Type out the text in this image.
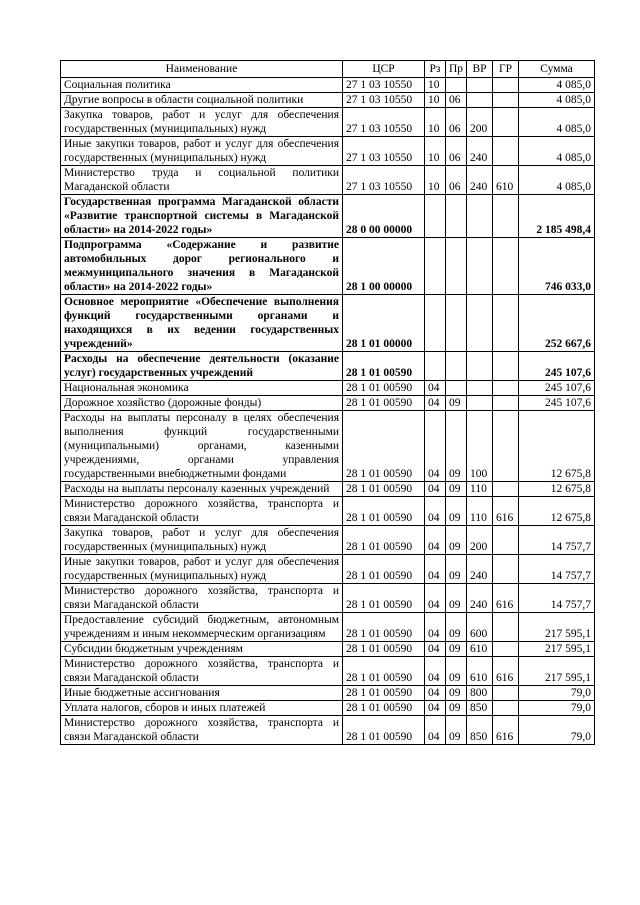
Наименование	ЦСР	Рз	Пр	ВР	ГР	Сумма
Социальная политика	27 1 03 10550	10				4 085,0
Другие вопросы в области социальной политики	27 1 03 10550	10	06			4 085,0
Закупка товаров, работ и услуг для обеспечения государственных (муниципальных) нужд	27 1 03 10550	10	06	200		4 085,0
Иные закупки товаров, работ и услуг для обеспечения государственных (муниципальных) нужд	27 1 03 10550	10	06	240		4 085,0
Министерство труда и социальной политики Магаданской области	27 1 03 10550	10	06	240	610	4 085,0
Государственная программа Магаданской области «Развитие транспортной системы в Магаданской области» на 2014-2022 годы»	28 0 00 00000					2 185 498,4
Подпрограмма «Содержание и развитие автомобильных дорог регионального и межмуниципального значения в Магаданской области» на 2014-2022 годы»	28 1 00 00000					746 033,0
Основное мероприятие «Обеспечение выполнения функций государственными органами и находящихся в их ведении государственных учреждений»	28 1 01 00000					252 667,6
Расходы на обеспечение деятельности (оказание услуг) государственных учреждений	28 1 01 00590					245 107,6
Национальная экономика	28 1 01 00590	04				245 107,6
Дорожное хозяйство (дорожные фонды)	28 1 01 00590	04	09			245 107,6
Расходы на выплаты персоналу в целях обеспечения выполнения функций государственными (муниципальными) органами, казенными учреждениями, органами управления государственными внебюджетными фондами	28 1 01 00590	04	09	100		12 675,8
Расходы на выплаты персоналу казенных учреждений	28 1 01 00590	04	09	110		12 675,8
Министерство дорожного хозяйства, транспорта и связи Магаданской области	28 1 01 00590	04	09	110	616	12 675,8
Закупка товаров, работ и услуг для обеспечения государственных (муниципальных) нужд	28 1 01 00590	04	09	200		14 757,7
Иные закупки товаров, работ и услуг для обеспечения государственных (муниципальных) нужд	28 1 01 00590	04	09	240		14 757,7
Министерство дорожного хозяйства, транспорта и связи Магаданской области	28 1 01 00590	04	09	240	616	14 757,7
Предоставление субсидий бюджетным, автономным учреждениям и иным некоммерческим организациям	28 1 01 00590	04	09	600		217 595,1
Субсидии бюджетным учреждениям	28 1 01 00590	04	09	610		217 595,1
Министерство дорожного хозяйства, транспорта и связи Магаданской области	28 1 01 00590	04	09	610	616	217 595,1
Иные бюджетные ассигнования	28 1 01 00590	04	09	800		79,0
Уплата налогов, сборов и иных платежей	28 1 01 00590	04	09	850		79,0
Министерство дорожного хозяйства, транспорта и связи Магаданской области	28 1 01 00590	04	09	850	616	79,0
